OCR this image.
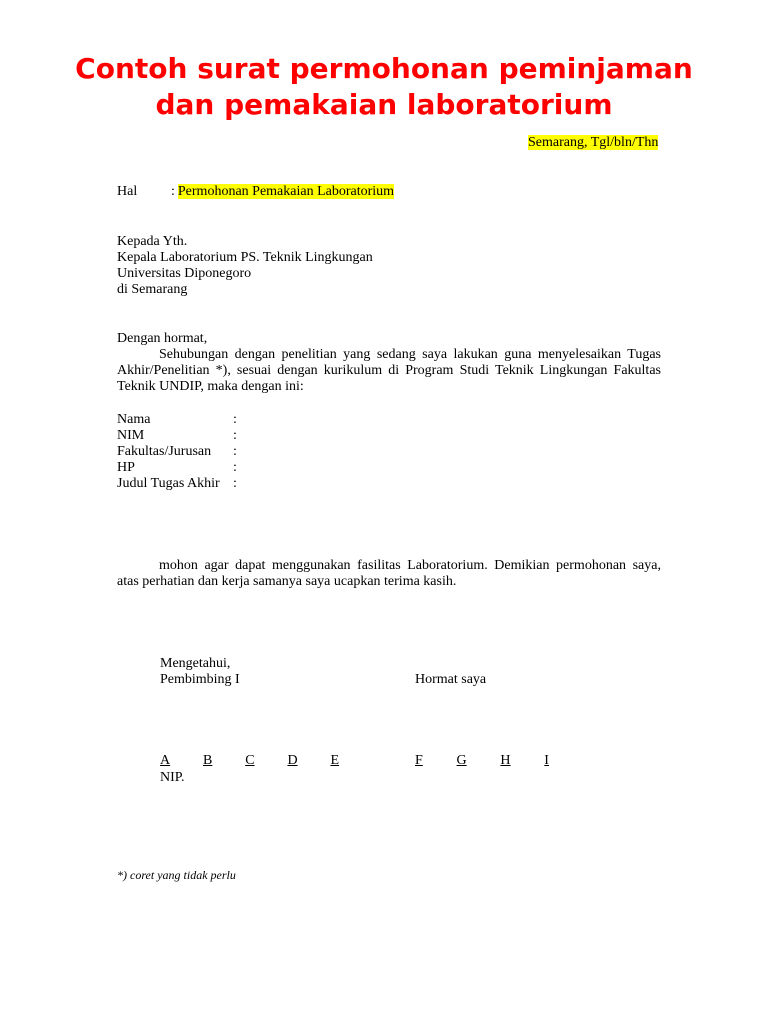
Contoh surat permohonan peminjaman
dan pemakaian laboratorium
Semarang, Tgl/bln/Thn
Hal : Permohonan Pemakaian Laboratorium
Kepada Yth.
Kepala Laboratorium PS. Teknik Lingkungan
Universitas Diponegoro
di Semarang
Dengan hormat,
Sehubungan dengan penelitian yang sedang saya lakukan guna menyelesaikan Tugas Akhir/Penelitian *), sesuai dengan kurikulum di Program Studi Teknik Lingkungan Fakultas Teknik UNDIP, maka dengan ini:
Nama	:
NIM	:
Fakultas/Jurusan :
HP	:
Judul Tugas Akhir :
mohon agar dapat menggunakan fasilitas Laboratorium. Demikian permohonan saya, atas perhatian dan kerja samanya saya ucapkan terima kasih.
Mengetahui,
Pembimbing I	Hormat saya
A B C D E	F G H I
NIP.
*) coret yang tidak perlu
